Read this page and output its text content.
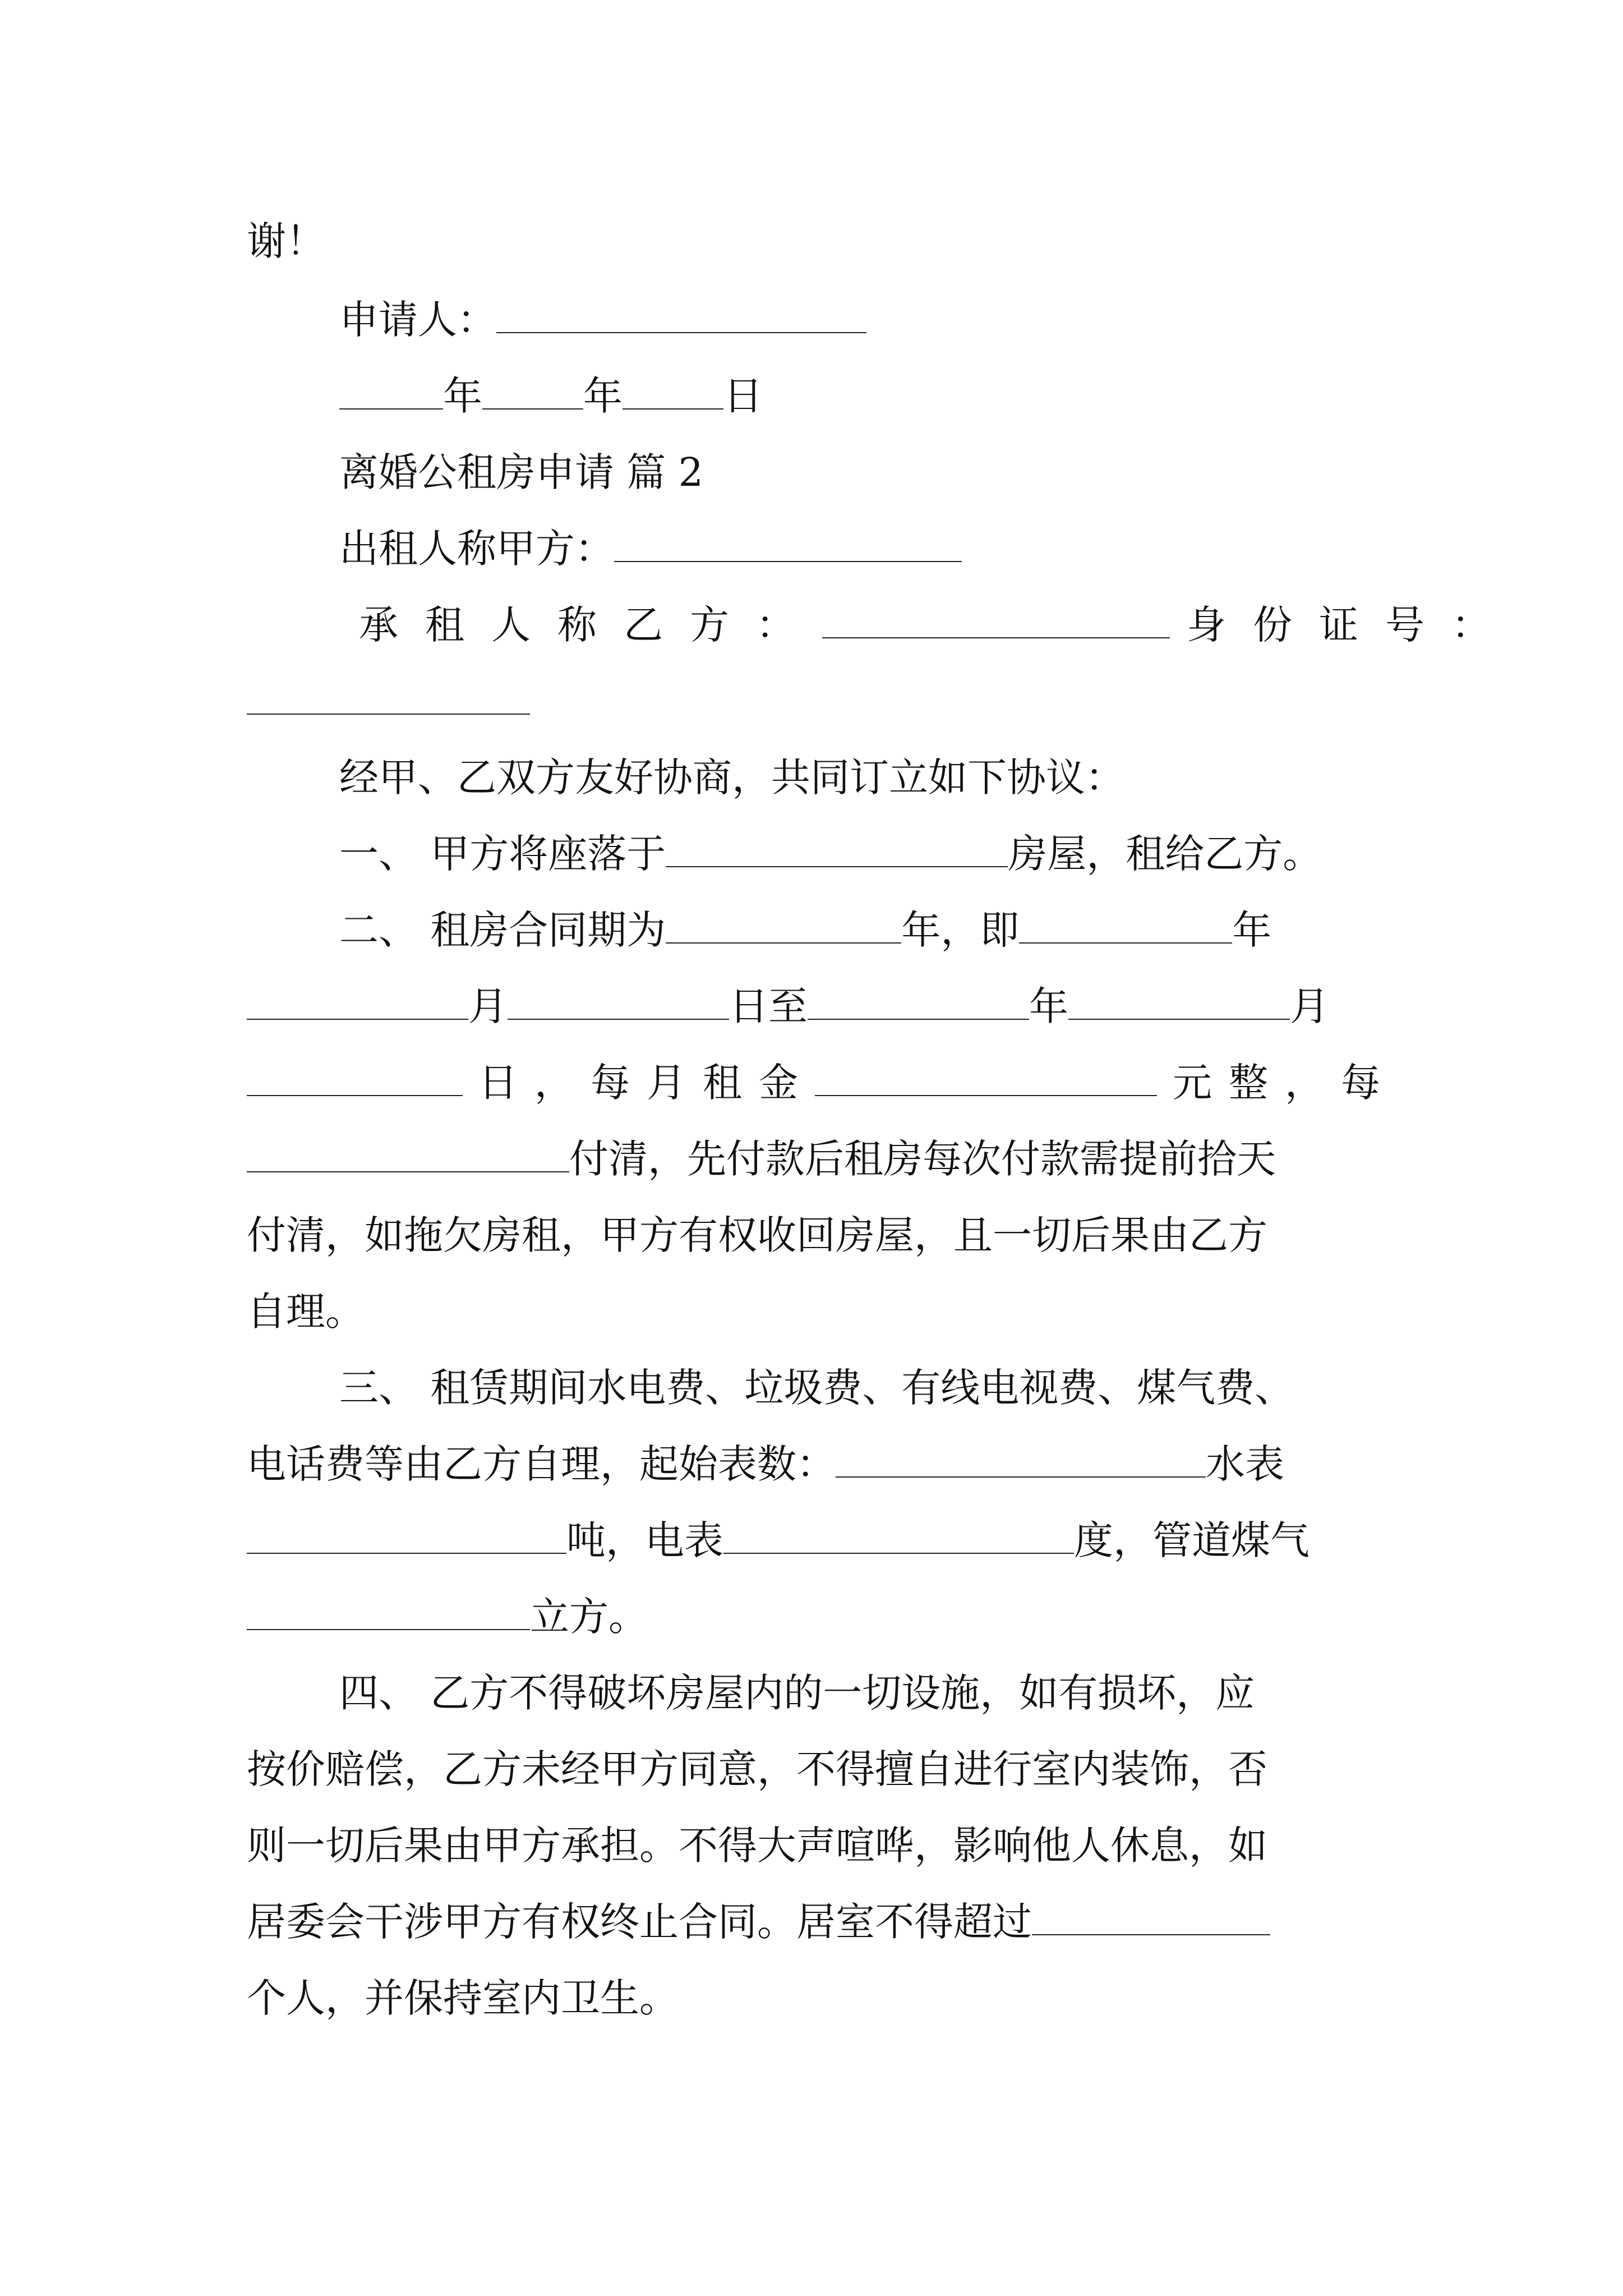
谢！
申请人：
年	年	日
离婚公租房申请 篇 2
出租人称甲方：
承租人称乙方：	身份证号：
经甲、乙双方友好协商，共同订立如下协议：
一、 甲方将座落于	房屋，租给乙方。
二、 租房合同期为	年，即	年
月	日至	年	月
日，每月租金	元整，每
付清，先付款后租房每次付款需提前拾天
付清，如拖欠房租，甲方有权收回房屋，且一切后果由乙方
自理。
三、 租赁期间水电费、垃圾费、有线电视费、煤气费、
电话费等由乙方自理，起始表数：	水表
吨，电表	度，管道煤气
立方。
四、 乙方不得破坏房屋内的一切设施，如有损坏，应
按价赔偿，乙方未经甲方同意，不得擅自进行室内装饰，否
则一切后果由甲方承担。不得大声喧哗，影响他人休息，如
居委会干涉甲方有权终止合同。居室不得超过
个人，并保持室内卫生。
